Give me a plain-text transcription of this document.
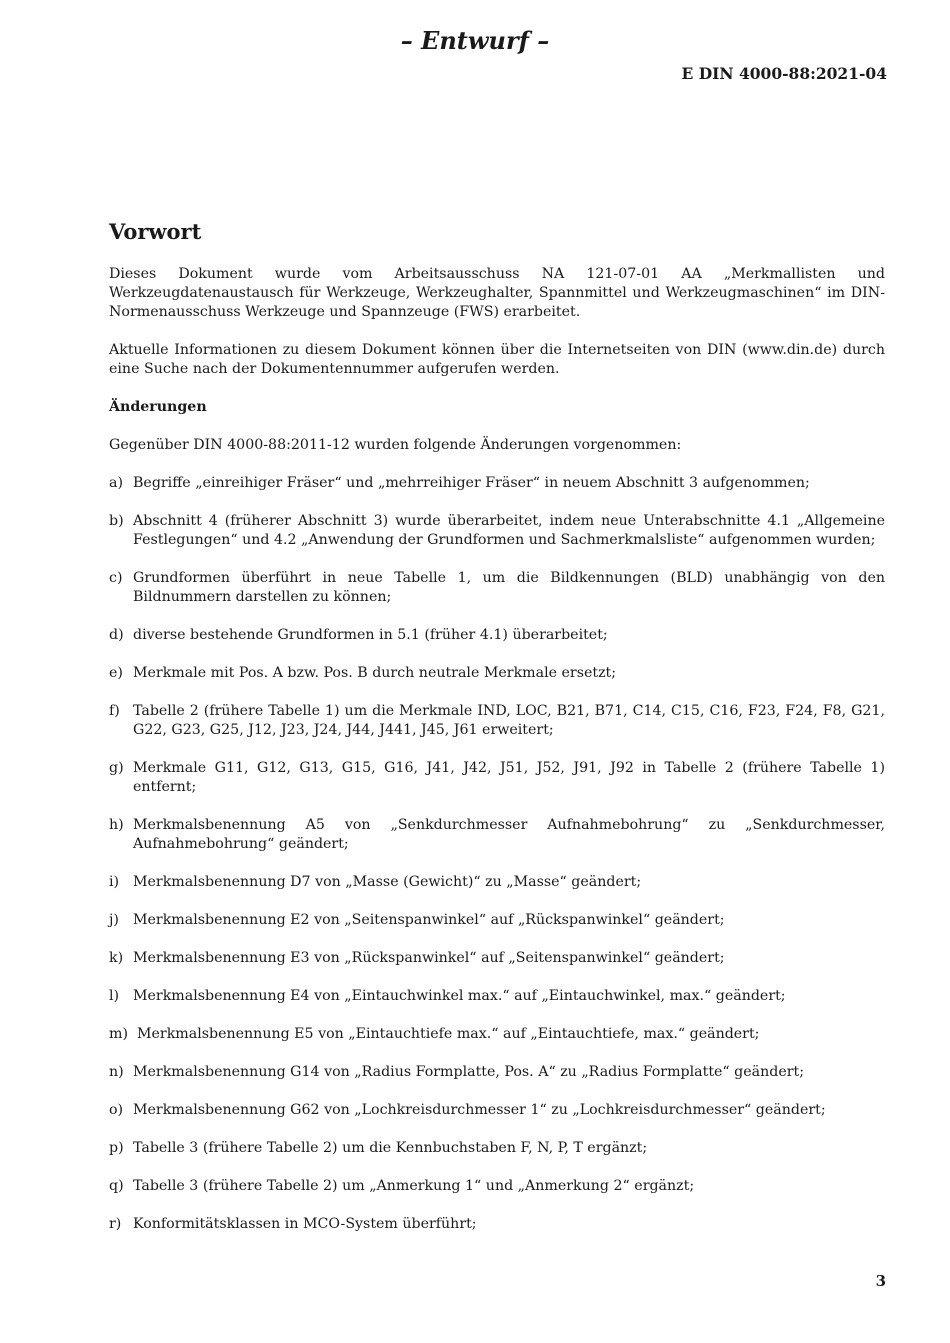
– Entwurf –
E DIN 4000-88:2021-04
Vorwort

Dieses Dokument wurde vom Arbeitsausschuss NA 121-07-01 AA „Merkmallisten und Werkzeugdatenaustausch für Werkzeuge, Werkzeughalter, Spannmittel und Werkzeugmaschinen“ im DIN-Normenausschuss Werkzeuge und Spannzeuge (FWS) erarbeitet.

Aktuelle Informationen zu diesem Dokument können über die Internetseiten von DIN (www.din.de) durch eine Suche nach der Dokumentennummer aufgerufen werden.

Änderungen

Gegenüber DIN 4000-88:2011-12 wurden folgende Änderungen vorgenommen:

a) Begriffe „einreihiger Fräser“ und „mehrreihiger Fräser“ in neuem Abschnitt 3 aufgenommen;
b) Abschnitt 4 (früherer Abschnitt 3) wurde überarbeitet, indem neue Unterabschnitte 4.1 „Allgemeine Festlegungen“ und 4.2 „Anwendung der Grundformen und Sachmerkmalsliste“ aufgenommen wurden;
c) Grundformen überführt in neue Tabelle 1, um die Bildkennungen (BLD) unabhängig von den Bildnummern darstellen zu können;
d) diverse bestehende Grundformen in 5.1 (früher 4.1) überarbeitet;
e) Merkmale mit Pos. A bzw. Pos. B durch neutrale Merkmale ersetzt;
f) Tabelle 2 (frühere Tabelle 1) um die Merkmale IND, LOC, B21, B71, C14, C15, C16, F23, F24, F8, G21, G22, G23, G25, J12, J23, J24, J44, J441, J45, J61 erweitert;
g) Merkmale G11, G12, G13, G15, G16, J41, J42, J51, J52, J91, J92 in Tabelle 2 (frühere Tabelle 1) entfernt;
h) Merkmalsbenennung A5 von „Senkdurchmesser Aufnahmebohrung“ zu „Senkdurchmesser, Aufnahmebohrung“ geändert;
i) Merkmalsbenennung D7 von „Masse (Gewicht)“ zu „Masse“ geändert;
j) Merkmalsbenennung E2 von „Seitenspanwinkel“ auf „Rückspanwinkel“ geändert;
k) Merkmalsbenennung E3 von „Rückspanwinkel“ auf „Seitenspanwinkel“ geändert;
l) Merkmalsbenennung E4 von „Eintauchwinkel max.“ auf „Eintauchwinkel, max.“ geändert;
m) Merkmalsbenennung E5 von „Eintauchtiefe max.“ auf „Eintauchtiefe, max.“ geändert;
n) Merkmalsbenennung G14 von „Radius Formplatte, Pos. A“ zu „Radius Formplatte“ geändert;
o) Merkmalsbenennung G62 von „Lochkreisdurchmesser 1“ zu „Lochkreisdurchmesser“ geändert;
p) Tabelle 3 (frühere Tabelle 2) um die Kennbuchstaben F, N, P, T ergänzt;
q) Tabelle 3 (frühere Tabelle 2) um „Anmerkung 1“ und „Anmerkung 2“ ergänzt;
r) Konformitätsklassen in MCO-System überführt;
3
